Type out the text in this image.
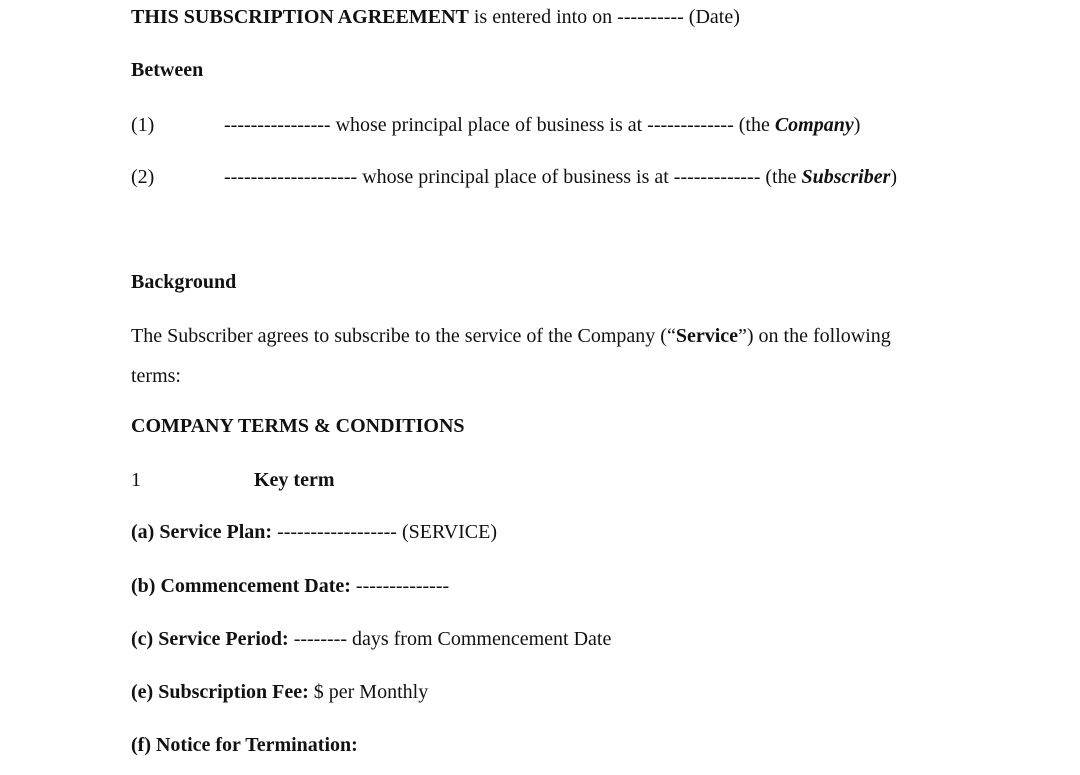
THIS SUBSCRIPTION AGREEMENT is entered into on ---------- (Date)
Between
(1)	---------------- whose principal place of business is at ------------- (the Company)
(2)	-------------------- whose principal place of business is at ------------- (the Subscriber)
Background
The Subscriber agrees to subscribe to the service of the Company (“Service”) on the following
terms:
COMPANY TERMS & CONDITIONS
1	Key term
(a) Service Plan: ------------------ (SERVICE)
(b) Commencement Date: --------------
(c) Service Period: -------- days from Commencement Date
(e) Subscription Fee: $ per Monthly
(f) Notice for Termination:
